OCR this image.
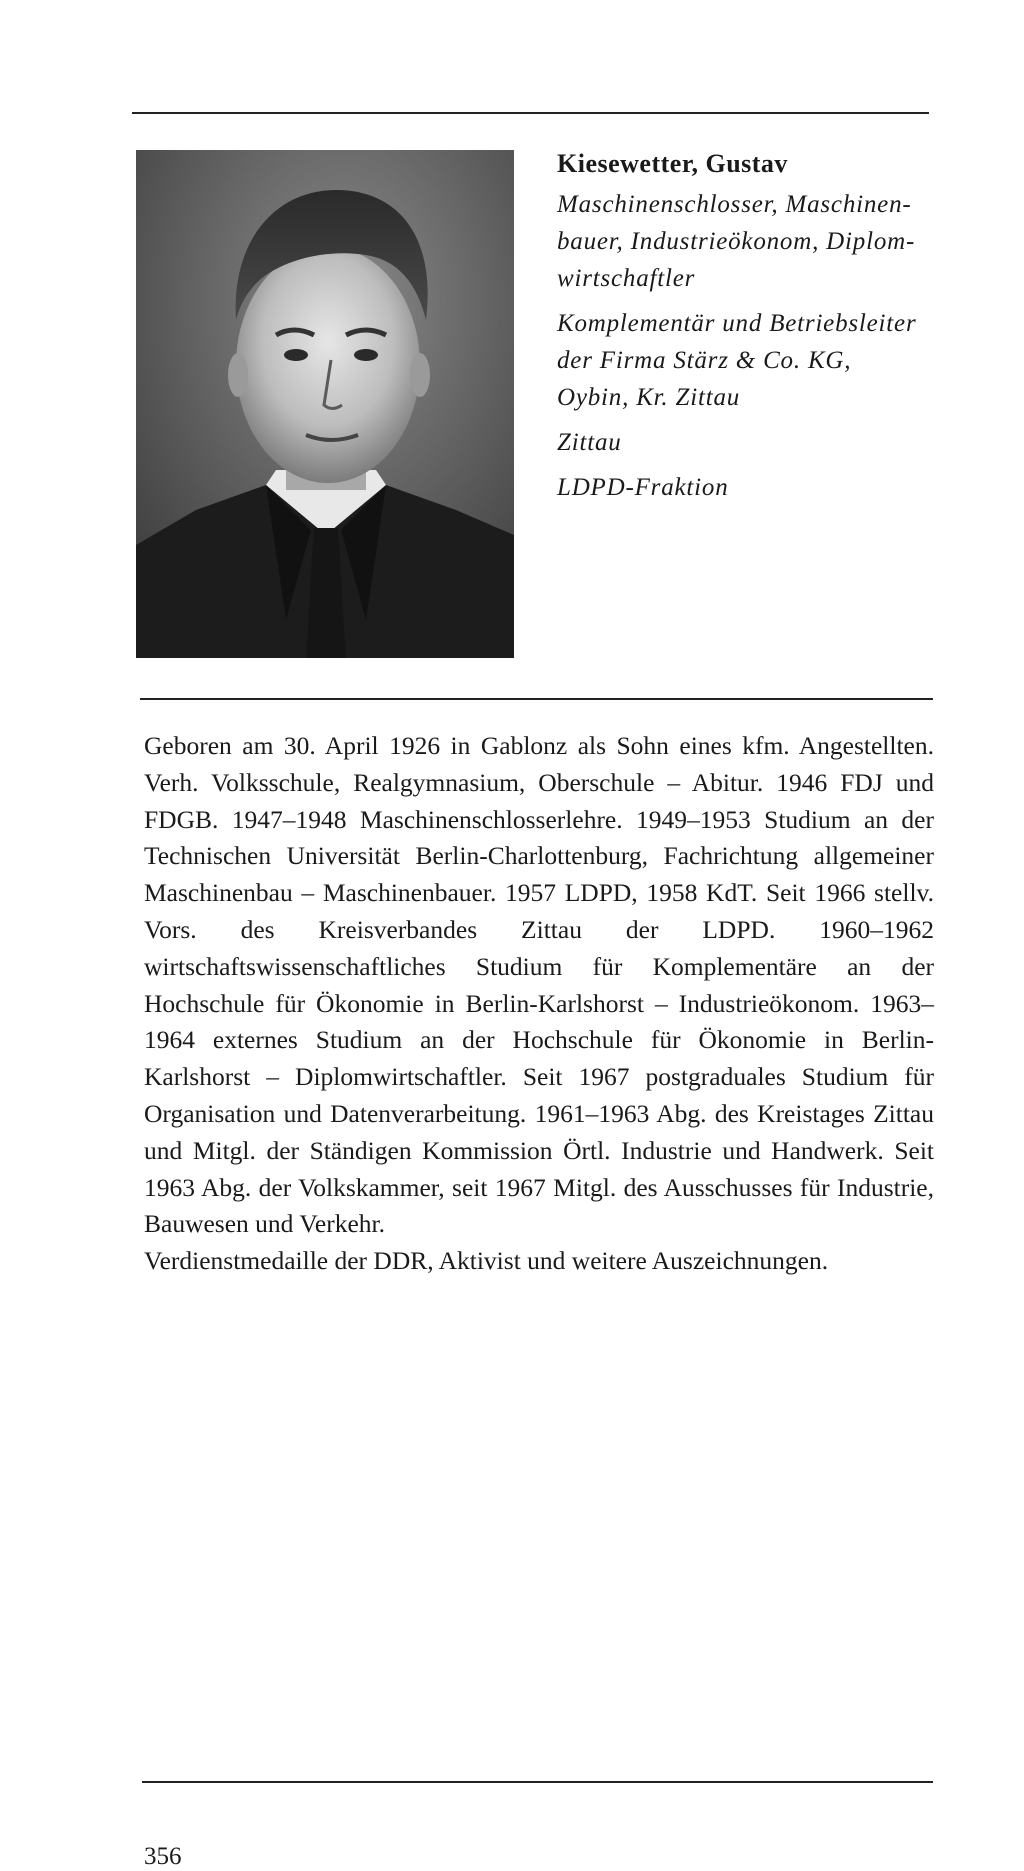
Kiesewetter, Gustav

Maschinenschlosser, Maschinen-

bauer, Industrieökonom, Diplom-

wirtschaftler

Komplementär und Betriebsleiter

der Firma Stärz & Co. KG,

Oybin, Kr. Zittau

Zittau

LDPD-Fraktion

Geboren am 30. April 1926 in Gablonz als Sohn eines kfm. Angestellten. Verh. Volksschule, Realgymnasium, Oberschule – Abitur. 1946 FDJ und FDGB. 1947–1948 Maschinenschlosserlehre. 1949–1953 Studium an der Technischen Universität Berlin-Charlottenburg, Fachrichtung allgemeiner Maschinenbau – Maschinenbauer. 1957 LDPD, 1958 KdT. Seit 1966 stellv. Vors. des Kreisverbandes Zittau der LDPD. 1960–1962 wirtschaftswissenschaftliches Studium für Komplementäre an der Hochschule für Ökonomie in Berlin-Karlshorst – Industrieökonom. 1963–1964 externes Studium an der Hochschule für Ökonomie in Berlin-Karlshorst – Diplomwirtschaftler. Seit 1967 postgraduales Studium für Organisation und Datenverarbeitung. 1961–1963 Abg. des Kreistages Zittau und Mitgl. der Ständigen Kommission Örtl. Industrie und Handwerk. Seit 1963 Abg. der Volkskammer, seit 1967 Mitgl. des Ausschusses für Industrie, Bauwesen und Verkehr.

Verdienstmedaille der DDR, Aktivist und weitere Auszeichnungen.

356
